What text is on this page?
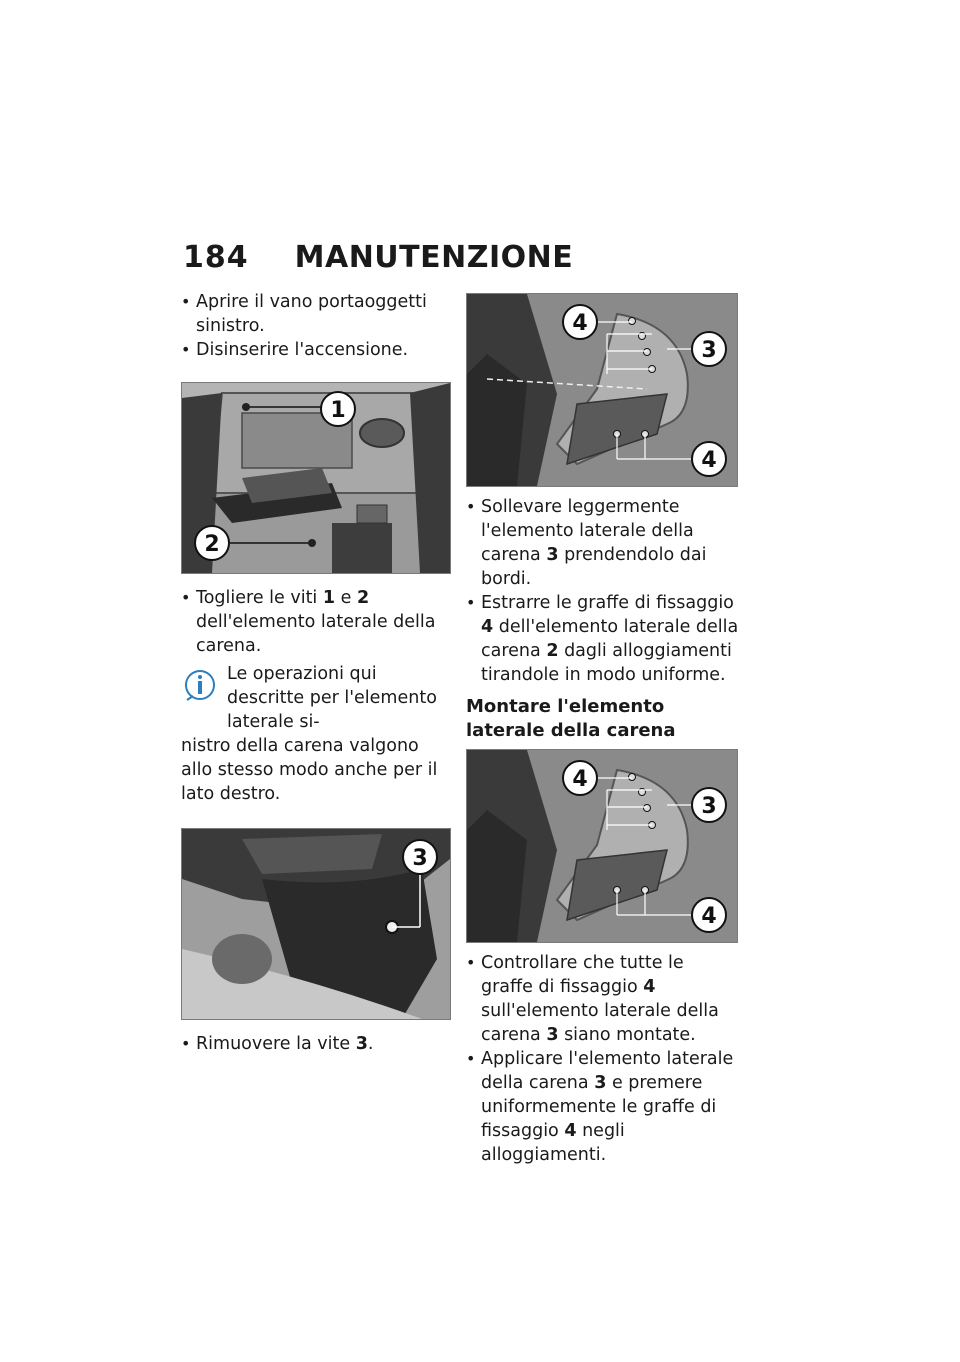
184 MANUTENZIONE
• Aprire il vano portaoggetti sinistro.
• Disinserire l'accensione.
1
2
• Togliere le viti 1 e 2 dell'elemento laterale della carena.
Le operazioni qui descritte per l'elemento laterale si-
nistro della carena valgono allo stesso modo anche per il lato destro.
3
• Rimuovere la vite 3.
4
3
4
• Sollevare leggermente l'elemento laterale della carena 3 prendendolo dai bordi.
• Estrarre le graffe di fissaggio 4 dell'elemento laterale della carena 2 dagli alloggiamenti tirandole in modo uniforme.
Montare l'elemento laterale della carena
4
3
4
• Controllare che tutte le graffe di fissaggio 4 sull'elemento laterale della carena 3 siano montate.
• Applicare l'elemento laterale della carena 3 e premere uniformemente le graffe di fissaggio 4 negli alloggiamenti.
